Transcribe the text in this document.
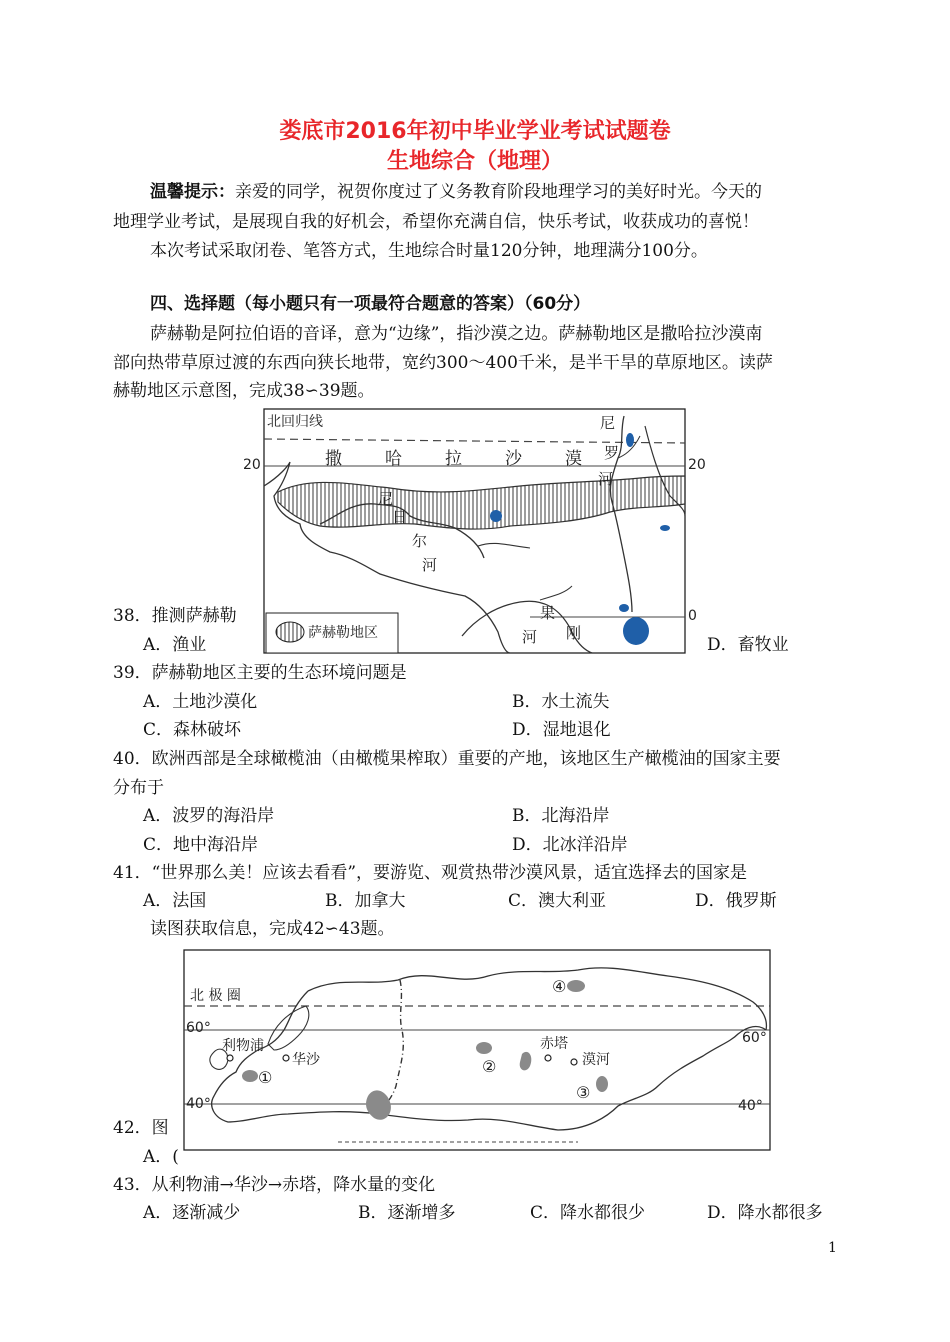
娄底市2016年初中毕业学业考试试题卷
生地综合（地理）
温馨提示：亲爱的同学，祝贺你度过了义务教育阶段地理学习的美好时光。今天的
地理学业考试，是展现自我的好机会，希望你充满自信，快乐考试，收获成功的喜悦！
本次考试采取闭卷、笔答方式，生地综合时量120分钟，地理满分100分。
四、选择题（每小题只有一项最符合题意的答案）（60分）
萨赫勒是阿拉伯语的音译，意为“边缘”，指沙漠之边。萨赫勒地区是撒哈拉沙漠南
部向热带草原过渡的东西向狭长地带，宽约300～400千米，是半干旱的草原地区。读萨
赫勒地区示意图，完成38∽39题。
北回归线
20	20
0
撒	哈	拉	沙	漠
尼
罗
河
尼
日
尔
河
果
河 刚
萨赫勒地区
38．推测萨赫勒
A．渔业	D．畜牧业
39．萨赫勒地区主要的生态环境问题是
A．土地沙漠化	B．水土流失
C．森林破坏	D．湿地退化
40．欧洲西部是全球橄榄油（由橄榄果榨取）重要的产地，该地区生产橄榄油的国家主要
分布于
A．波罗的海沿岸	B．北海沿岸
C．地中海沿岸	D．北冰洋沿岸
41．“世界那么美！应该去看看”，要游览、观赏热带沙漠风景，适宜选择去的国家是
A．法国	B．加拿大	C．澳大利亚	D．俄罗斯
读图获取信息，完成42∽43题。
北 极 圈
60°
60°
40°	40°
利物浦
华沙
赤塔
漠河
①
②
③
④
42．图
A．(
43．从利物浦→华沙→赤塔，降水量的变化
A．逐渐减少	B．逐渐增多	C．降水都很少	D．降水都很多
1
